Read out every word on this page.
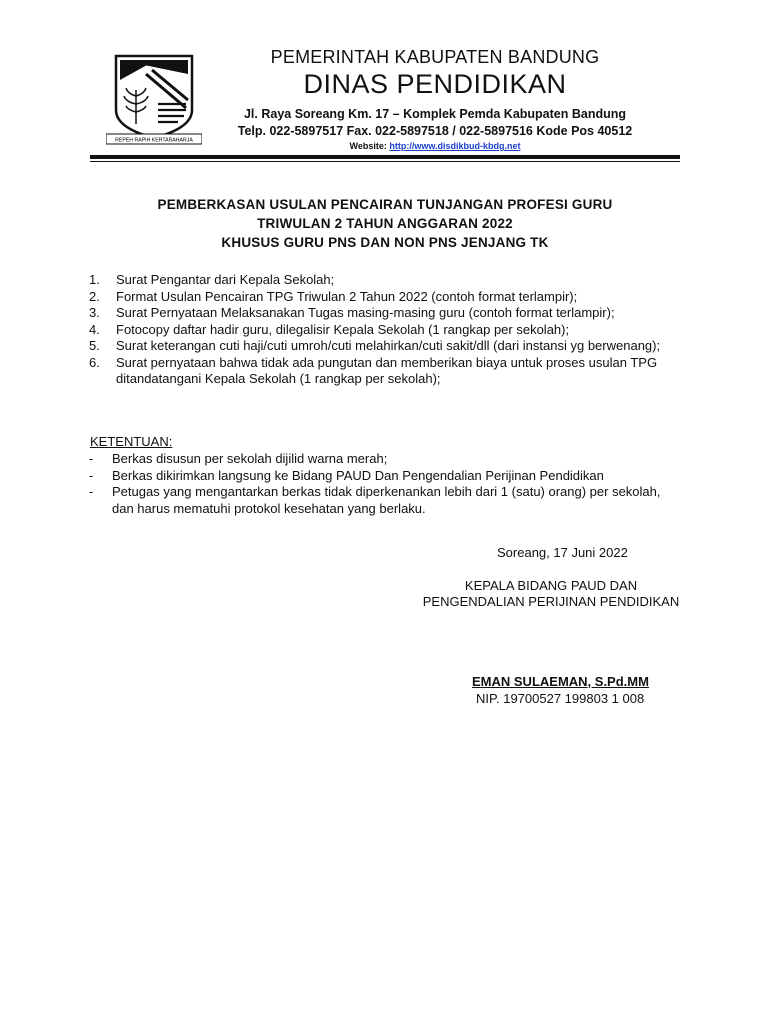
REPEH RAPIH KERTARAHARJA
PEMERINTAH KABUPATEN BANDUNG
DINAS PENDIDIKAN
Jl. Raya Soreang Km. 17 – Komplek Pemda Kabupaten Bandung
Telp. 022-5897517 Fax. 022-5897518 / 022-5897516 Kode Pos 40512
Website: http://www.disdikbud-kbdg.net
PEMBERKASAN USULAN PENCAIRAN TUNJANGAN PROFESI GURU
TRIWULAN 2 TAHUN ANGGARAN 2022
KHUSUS GURU PNS DAN NON PNS JENJANG TK
1.	Surat Pengantar dari Kepala Sekolah;
2.	Format Usulan Pencairan TPG Triwulan 2 Tahun 2022 (contoh format terlampir);
3.	Surat Pernyataan Melaksanakan Tugas masing-masing guru (contoh format terlampir);
4.	Fotocopy daftar hadir guru, dilegalisir Kepala Sekolah (1 rangkap per sekolah);
5.	Surat keterangan cuti haji/cuti umroh/cuti melahirkan/cuti sakit/dll (dari instansi yg berwenang);
6.	Surat pernyataan bahwa tidak ada pungutan dan memberikan biaya untuk proses usulan TPG ditandatangani Kepala Sekolah (1 rangkap per sekolah);
KETENTUAN:
-	Berkas disusun per sekolah dijilid warna merah;
-	Berkas dikirimkan langsung ke Bidang PAUD Dan Pengendalian Perijinan Pendidikan
-	Petugas yang mengantarkan berkas tidak diperkenankan lebih dari 1 (satu) orang) per sekolah, dan harus mematuhi protokol kesehatan yang berlaku.
Soreang, 17 Juni 2022
KEPALA BIDANG PAUD DAN
PENGENDALIAN PERIJINAN PENDIDIKAN
EMAN SULAEMAN, S.Pd.MM
NIP. 19700527 199803 1 008
